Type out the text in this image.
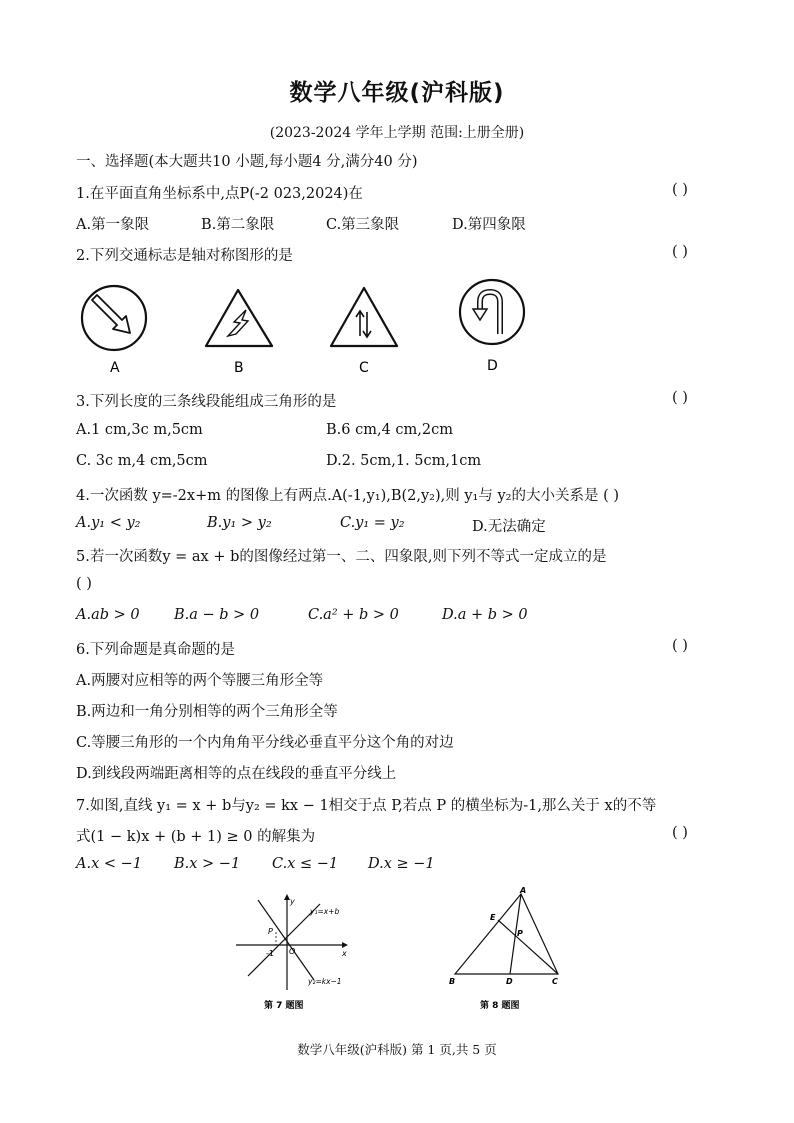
数学八年级(沪科版)
(2023-2024 学年上学期 范围:上册全册)
一、选择题(本大题共10 小题,每小题4 分,满分40 分)
1.在平面直角坐标系中,点P(-2 023,2024)在	( )
A.第一象限	B.第二象限	C.第三象限	D.第四象限
2.下列交通标志是轴对称图形的是	( )
A	B	C	D
3.下列长度的三条线段能组成三角形的是	( )
A.1 cm,3c m,5cm	B.6 cm,4 cm,2cm
C. 3c m,4 cm,5cm	D.2. 5cm,1. 5cm,1cm
4.一次函数 y=-2x+m 的图像上有两点.A(-1,y₁),B(2,y₂),则 y₁与 y₂的大小关系是 ( )
A.y₁ < y₂	B.y₁ > y₂	C.y₁ = y₂	D.无法确定
5.若一次函数y = ax + b的图像经过第一、二、四象限,则下列不等式一定成立的是
( )
A.ab > 0 B.a − b > 0	C.a² + b > 0	D.a + b > 0
6.下列命题是真命题的是	( )
A.两腰对应相等的两个等腰三角形全等
B.两边和一角分别相等的两个三角形全等
C.等腰三角形的一个内角角平分线必垂直平分这个角的对边
D.到线段两端距离相等的点在线段的垂直平分线上
7.如图,直线 y₁ = x + b与y₂ = kx − 1相交于点 P,若点 P 的横坐标为-1,那么关于 x的不等
式(1 − k)x + (b + 1) ≥ 0 的解集为	( )
A.x < −1 B.x > −1 C.x ≤ −1 D.x ≥ −1
y
x
O
P
-1
y₁=x+b
y₂=kx−1
第 7 题图
A
E
P
B	D	C
第 8 题图
数学八年级(沪科版) 第 1 页,共 5 页
